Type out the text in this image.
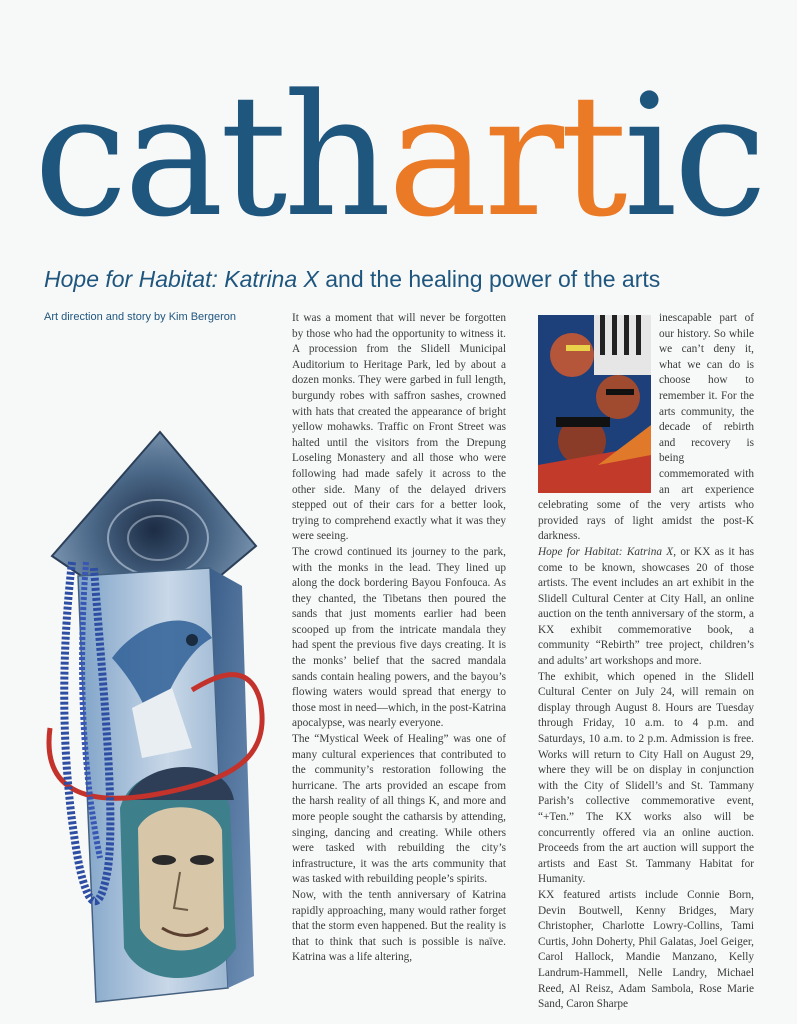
cathartic
Hope for Habitat: Katrina X and the healing power of the arts
Art direction and story by Kim Bergeron	It was a moment that will never be forgotten by those who had the opportunity to witness it. A procession from the Slidell Municipal Auditorium to Heritage Park, led by about a dozen monks. They were garbed in full length, burgundy robes with saffron sashes, crowned with hats that created the appearance of bright yellow mohawks. Traffic on Front Street was halted until the visitors from the Drepung Loseling Monastery and all those who were following had made safely it across to the other side. Many of the delayed drivers stepped out of their cars for a better look, trying to comprehend exactly what it was they were seeing.

The crowd continued its journey to the park, with the monks in the lead. They lined up along the dock bordering Bayou Fonfouca. As they chanted, the Tibetans then poured the sands that just moments earlier had been scooped up from the intricate mandala they had spent the previous five days creating. It is the monks’ belief that the sacred mandala sands contain healing powers, and the bayou’s flowing waters would spread that energy to those most in need—which, in the post-Katrina apocalypse, was nearly everyone.

The “Mystical Week of Healing” was one of many cultural experiences that contributed to the community’s restoration following the hurricane. The arts provided an escape from the harsh reality of all things K, and more and more people sought the catharsis by attending, singing, dancing and creating. While others were tasked with rebuilding the city’s infrastructure, it was the arts community that was tasked with rebuilding people’s spirits.

Now, with the tenth anniversary of Katrina rapidly approaching, many would rather forget that the storm even happened. But the reality is that to think that such is possible is naïve. Katrina was a life altering,

inescapable part of our history. So while we can’t deny it, what we can do is choose how to remember it. For the arts community, the decade of rebirth and recovery is being commemorated with an art experience celebrating some of the very artists who provided rays of light amidst the post-K darkness.

Hope for Habitat: Katrina X, or KX as it has come to be known, showcases 20 of those artists. The event includes an art exhibit in the Slidell Cultural Center at City Hall, an online auction on the tenth anniversary of the storm, a KX exhibit commemorative book, a community “Rebirth” tree project, children’s and adults’ art workshops and more.

The exhibit, which opened in the Slidell Cultural Center on July 24, will remain on display through August 8. Hours are Tuesday through Friday, 10 a.m. to 4 p.m. and Saturdays, 10 a.m. to 2 p.m. Admission is free. Works will return to City Hall on August 29, where they will be on display in conjunction with the City of Slidell’s and St. Tammany Parish’s collective commemorative event, “+Ten.” The KX works also will be concurrently offered via an online auction. Proceeds from the art auction will support the artists and East St. Tammany Habitat for Humanity.

KX featured artists include Connie Born, Devin Boutwell, Kenny Bridges, Mary Christopher, Charlotte Lowry-Collins, Tami Curtis, John Doherty, Phil Galatas, Joel Geiger, Carol Hallock, Mandie Manzano, Kelly Landrum-Hammell, Nelle Landry, Michael Reed, Al Reisz, Adam Sambola, Rose Marie Sand, Caron Sharpe
